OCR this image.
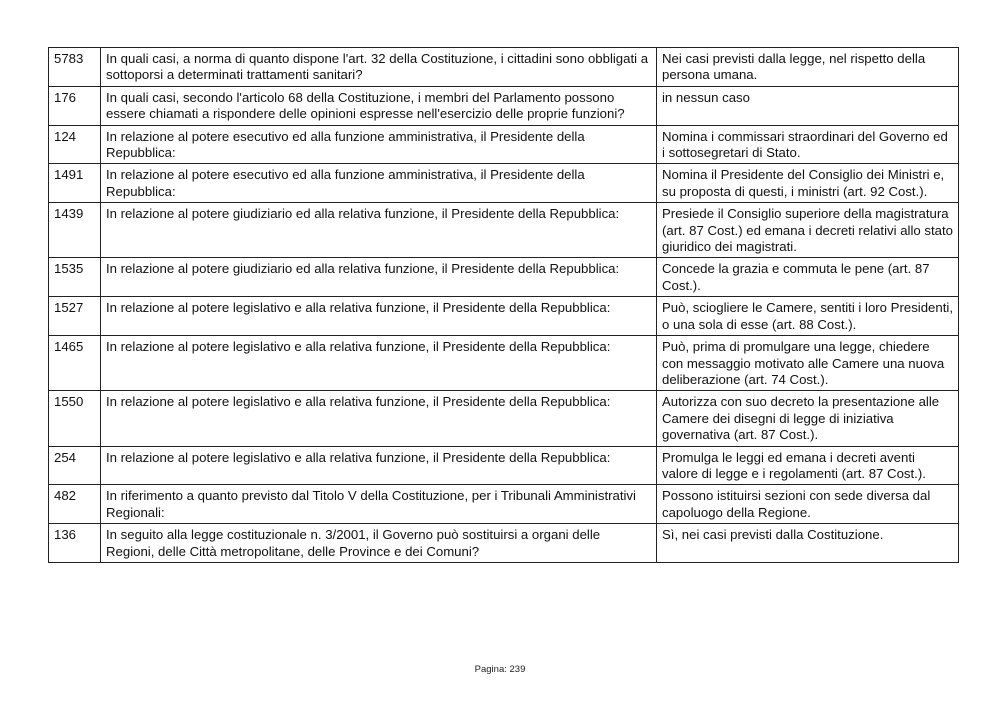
5783	In quali casi, a norma di quanto dispone l'art. 32 della Costituzione, i cittadini sono obbligati a sottoporsi a determinati trattamenti sanitari?	Nei casi previsti dalla legge, nel rispetto della persona umana.
176	In quali casi, secondo l'articolo 68 della Costituzione, i membri del Parlamento possono essere chiamati a rispondere delle opinioni espresse nell'esercizio delle proprie funzioni?	in nessun caso
124	In relazione al potere esecutivo ed alla funzione amministrativa, il Presidente della Repubblica:	Nomina i commissari straordinari del Governo ed i sottosegretari di Stato.
1491	In relazione al potere esecutivo ed alla funzione amministrativa, il Presidente della Repubblica:	Nomina il Presidente del Consiglio dei Ministri e, su proposta di questi, i ministri (art. 92 Cost.).
1439	In relazione al potere giudiziario ed alla relativa funzione, il Presidente della Repubblica:	Presiede il Consiglio superiore della magistratura (art. 87 Cost.) ed emana i decreti relativi allo stato giuridico dei magistrati.
1535	In relazione al potere giudiziario ed alla relativa funzione, il Presidente della Repubblica:	Concede la grazia e commuta le pene (art. 87 Cost.).
1527	In relazione al potere legislativo e alla relativa funzione, il Presidente della Repubblica:	Può, sciogliere le Camere, sentiti i loro Presidenti, o una sola di esse (art. 88 Cost.).
1465	In relazione al potere legislativo e alla relativa funzione, il Presidente della Repubblica:	Può, prima di promulgare una legge, chiedere con messaggio motivato alle Camere una nuova deliberazione (art. 74 Cost.).
1550	In relazione al potere legislativo e alla relativa funzione, il Presidente della Repubblica:	Autorizza con suo decreto la presentazione alle Camere dei disegni di legge di iniziativa governativa (art. 87 Cost.).
254	In relazione al potere legislativo e alla relativa funzione, il Presidente della Repubblica:	Promulga le leggi ed emana i decreti aventi valore di legge e i regolamenti (art. 87 Cost.).
482	In riferimento a quanto previsto dal Titolo V della Costituzione, per i Tribunali Amministrativi Regionali:	Possono istituirsi sezioni con sede diversa dal capoluogo della Regione.
136	In seguito alla legge costituzionale n. 3/2001, il Governo può sostituirsi a organi delle Regioni, delle Città metropolitane, delle Province e dei Comuni?	Sì, nei casi previsti dalla Costituzione.
Pagina: 239
